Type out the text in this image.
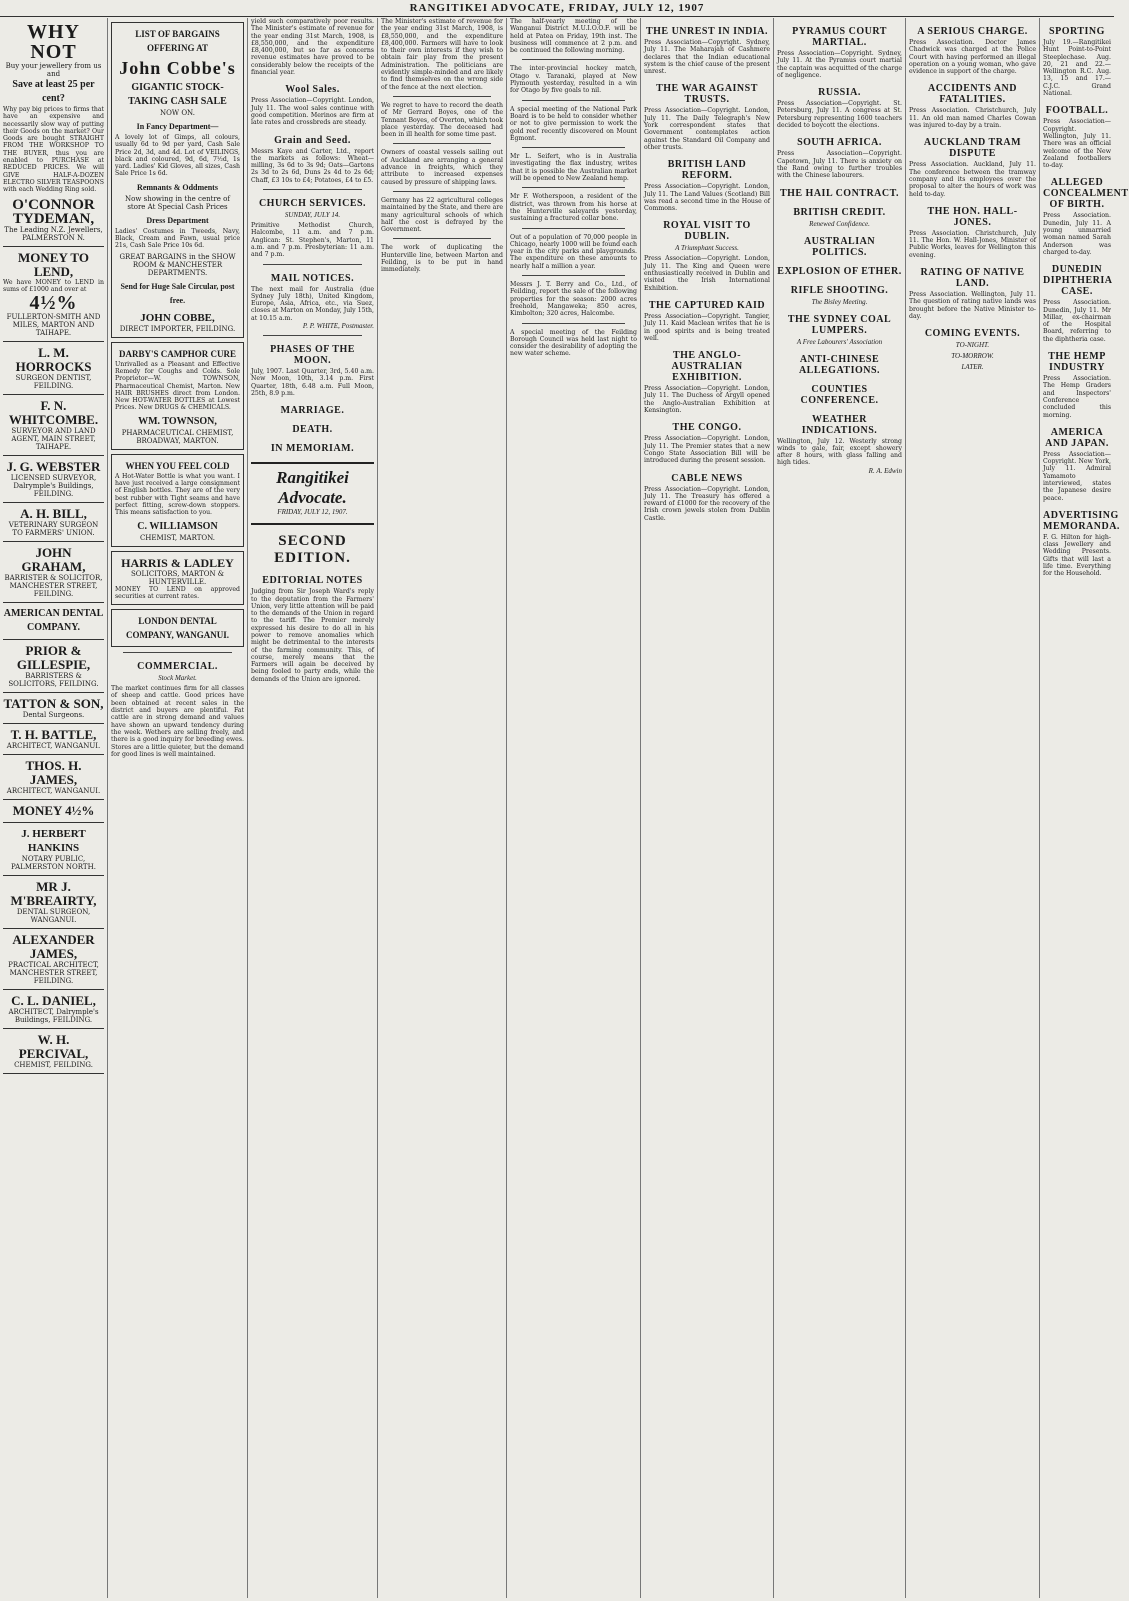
RANGITIKEI ADVOCATE, FRIDAY, JULY 12, 1907
WHY NOT
Buy your jewellery from us and
Save at least 25 per cent?
Why pay big prices to firms that have an expensive and necessarily slow way of putting their Goods on the market? Our Goods are bought STRAIGHT FROM THE WORKSHOP TO THE BUYER, thus you are enabled to PURCHASE at REDUCED PRICES. We will GIVE HALF-A-DOZEN ELECTRO SILVER TEASPOONS with each Wedding Ring sold.
O'CONNOR
TYDEMAN,
The Leading N.Z. Jewellers, PALMERSTON N.
MONEY TO LEND,
We have MONEY to LEND in sums of £1000 and over at
4½%
FULLERTON-SMITH AND MILES, MARTON AND TAIHAPE.
L. M. HORROCKS
SURGEON DENTIST, FEILDING.
F. N. WHITCOMBE.
SURVEYOR AND LAND AGENT, MAIN STREET, TAIHAPE.
J. G. WEBSTER
LICENSED SURVEYOR, Dalrymple's Buildings, FEILDING.
A. H. BILL,
VETERINARY SURGEON TO FARMERS' UNION.
JOHN GRAHAM,
BARRISTER & SOLICITOR, MANCHESTER STREET, FEILDING.
AMERICAN DENTAL COMPANY.
PRIOR & GILLESPIE,
BARRISTERS & SOLICITORS, FEILDING.
TATTON & SON,
Dental Surgeons.
T. H. BATTLE,
ARCHITECT, WANGANUI.
THOS. H. JAMES,
ARCHITECT, WANGANUI.
MONEY 4½%
J. HERBERT HANKINS
NOTARY PUBLIC, PALMERSTON NORTH.
MR J. M'BREAIRTY,
DENTAL SURGEON, WANGANUI.
ALEXANDER JAMES,
PRACTICAL ARCHITECT, MANCHESTER STREET, FEILDING.
C. L. DANIEL,
ARCHITECT, Dalrymple's Buildings, FEILDING.
W. H. PERCIVAL,
CHEMIST, FEILDING.
LIST OF BARGAINS OFFERING AT
John Cobbe's
GIGANTIC STOCK-TAKING CASH SALE
NOW ON.
In Fancy Department—
A lovely lot of Gimps, all colours, usually 6d to 9d per yard, Cash Sale Price 2d, 3d, and 4d. Lot of VEILINGS, black and coloured, 9d, 6d, 7½d, 1s yard. Ladies' Kid Gloves, all sizes, Cash Sale Price 1s 6d.
Remnants & Oddments
Now showing in the centre of store At Special Cash Prices
Dress Department
Ladies' Costumes in Tweeds, Navy, Black, Cream and Fawn, usual price 21s, Cash Sale Price 10s 6d.
GREAT BARGAINS in the SHOW ROOM & MANCHESTER DEPARTMENTS.
Send for Huge Sale Circular, post free.
JOHN COBBE,
DIRECT IMPORTER, FEILDING.
DARBY'S CAMPHOR CURE
Unrivalled as a Pleasant and Effective Remedy for Coughs and Colds. Sole Proprietor—W. TOWNSON, Pharmaceutical Chemist, Marton. New HAIR BRUSHES direct from London. New HOT-WATER BOTTLES at Lowest Prices. New DRUGS & CHEMICALS.
WM. TOWNSON,
PHARMACEUTICAL CHEMIST, BROADWAY, MARTON.
WHEN YOU FEEL COLD
A Hot-Water Bottle is what you want. I have just received a large consignment of English bottles. They are of the very best rubber with Tight seams and have perfect fitting, screw-down stoppers. This means satisfaction to you.
C. WILLIAMSON
CHEMIST, MARTON.
HARRIS & LADLEY
SOLICITORS, MARTON & HUNTERVILLE.
MONEY TO LEND on approved securities at current rates.
LONDON DENTAL COMPANY, WANGANUI.
COMMERCIAL.
Stock Market.
The market continues firm for all classes of sheep and cattle. Good prices have been obtained at recent sales in the district and buyers are plentiful. Fat cattle are in strong demand and values have shown an upward tendency during the week. Wethers are selling freely, and there is a good inquiry for breeding ewes. Stores are a little quieter, but the demand for good lines is well maintained.
yield such comparatively poor results. The Minister's estimate of revenue for the year ending 31st March, 1908, is £8,550,000, and the expenditure £8,400,000, but so far as concerns revenue estimates have proved to be considerably below the receipts of the financial year.
Wool Sales.
Press Association—Copyright. London, July 11. The wool sales continue with good competition. Merinos are firm at late rates and crossbreds are steady.
Grain and Seed.
Messrs Kaye and Carter, Ltd., report the markets as follows: Wheat—milling, 3s 6d to 3s 9d; Oats—Gartons 2s 3d to 2s 6d, Duns 2s 4d to 2s 6d; Chaff, £3 10s to £4; Potatoes, £4 to £5.
CHURCH SERVICES.
SUNDAY, JULY 14.
Primitive Methodist Church, Halcombe, 11 a.m. and 7 p.m. Anglican: St. Stephen's, Marton, 11 a.m. and 7 p.m. Presbyterian: 11 a.m. and 7 p.m.
MAIL NOTICES.
The next mail for Australia (due Sydney July 18th), United Kingdom, Europe, Asia, Africa, etc., via Suez, closes at Marton on Monday, July 15th, at 10.15 a.m.
P. P. WHITE, Postmaster.
PHASES OF THE MOON.
July, 1907. Last Quarter, 3rd, 5.40 a.m. New Moon, 10th, 3.14 p.m. First Quarter, 18th, 6.48 a.m. Full Moon, 25th, 8.9 p.m.
MARRIAGE.
DEATH.
IN MEMORIAM.
Rangitikei Advocate.
FRIDAY, JULY 12, 1907.
SECOND EDITION.
EDITORIAL NOTES
Judging from Sir Joseph Ward's reply to the deputation from the Farmers' Union, very little attention will be paid to the demands of the Union in regard to the tariff. The Premier merely expressed his desire to do all in his power to remove anomalies which might be detrimental to the interests of the farming community. This, of course, merely means that the Farmers will again be deceived by being fooled to party ends, while the demands of the Union are ignored.
The Minister's estimate of revenue for the year ending 31st March, 1908, is £8,550,000, and the expenditure £8,400,000. Farmers will have to look to their own interests if they wish to obtain fair play from the present Administration. The politicians are evidently simple-minded and are likely to find themselves on the wrong side of the fence at the next election.
We regret to have to record the death of Mr Gerrard Boyes, one of the Tennant Boyes, of Overton, which took place yesterday. The deceased had been in ill health for some time past.
Owners of coastal vessels sailing out of Auckland are arranging a general advance in freights, which they attribute to increased expenses caused by pressure of shipping laws.
Germany has 22 agricultural colleges maintained by the State, and there are many agricultural schools of which half the cost is defrayed by the Government.
The work of duplicating the Hunterville line, between Marton and Feilding, is to be put in hand immediately.
The half-yearly meeting of the Wanganui District M.U.I.O.O.F. will be held at Patea on Friday, 19th inst. The business will commence at 2 p.m. and be continued the following morning.
The inter-provincial hockey match, Otago v. Taranaki, played at New Plymouth yesterday, resulted in a win for Otago by five goals to nil.
A special meeting of the National Park Board is to be held to consider whether or not to give permission to work the gold reef recently discovered on Mount Egmont.
Mr L. Seifert, who is in Australia investigating the flax industry, writes that it is possible the Australian market will be opened to New Zealand hemp.
Mr F. Wotherspoon, a resident of the district, was thrown from his horse at the Hunterville saleyards yesterday, sustaining a fractured collar bone.
Out of a population of 70,000 people in Chicago, nearly 1000 will be found each year in the city parks and playgrounds. The expenditure on these amounts to nearly half a million a year.
Messrs J. T. Berry and Co., Ltd., of Feilding, report the sale of the following properties for the season: 2000 acres freehold, Mangaweka; 850 acres, Kimbolton; 320 acres, Halcombe.
A special meeting of the Feilding Borough Council was held last night to consider the desirability of adopting the new water scheme.
THE UNREST IN INDIA.
Press Association—Copyright. Sydney, July 11. The Maharajah of Cashmere declares that the Indian educational system is the chief cause of the present unrest.
THE WAR AGAINST TRUSTS.
Press Association—Copyright. London, July 11. The Daily Telegraph's New York correspondent states that Government contemplates action against the Standard Oil Company and other trusts.
BRITISH LAND REFORM.
Press Association—Copyright. London, July 11. The Land Values (Scotland) Bill was read a second time in the House of Commons.
ROYAL VISIT TO DUBLIN.
A Triumphant Success.
Press Association—Copyright. London, July 11. The King and Queen were enthusiastically received in Dublin and visited the Irish International Exhibition.
THE CAPTURED KAID
Press Association—Copyright. Tangier, July 11. Kaid Maclean writes that he is in good spirits and is being treated well.
THE ANGLO-AUSTRALIAN EXHIBITION.
Press Association—Copyright. London, July 11. The Duchess of Argyll opened the Anglo-Australian Exhibition at Kensington.
THE CONGO.
Press Association—Copyright. London, July 11. The Premier states that a new Congo State Association Bill will be introduced during the present session.
CABLE NEWS
Press Association—Copyright. London, July 11. The Treasury has offered a reward of £1000 for the recovery of the Irish crown jewels stolen from Dublin Castle.
PYRAMUS COURT MARTIAL.
Press Association—Copyright. Sydney, July 11. At the Pyramus court martial the captain was acquitted of the charge of negligence.
RUSSIA.
Press Association—Copyright. St. Petersburg, July 11. A congress at St. Petersburg representing 1600 teachers decided to boycott the elections.
SOUTH AFRICA.
Press Association—Copyright. Capetown, July 11. There is anxiety on the Rand owing to further troubles with the Chinese labourers.
THE HAIL CONTRACT.
BRITISH CREDIT.
Renewed Confidence.
AUSTRALIAN POLITICS.
EXPLOSION OF ETHER.
RIFLE SHOOTING.
The Bisley Meeting.
THE SYDNEY COAL LUMPERS.
A Free Labourers' Association
ANTI-CHINESE ALLEGATIONS.
COUNTIES CONFERENCE.
WEATHER INDICATIONS.
Wellington, July 12. Westerly strong winds to gale, fair, except showery after 8 hours, with glass falling and high tides.
R. A. Edwin
A SERIOUS CHARGE.
Press Association. Doctor James Chadwick was charged at the Police Court with having performed an illegal operation on a young woman, who gave evidence in support of the charge.
ACCIDENTS AND FATALITIES.
Press Association. Christchurch, July 11. An old man named Charles Cowan was injured to-day by a train.
AUCKLAND TRAM DISPUTE
Press Association. Auckland, July 11. The conference between the tramway company and its employees over the proposal to alter the hours of work was held to-day.
THE HON. HALL-JONES.
Press Association. Christchurch, July 11. The Hon. W. Hall-Jones, Minister of Public Works, leaves for Wellington this evening.
RATING OF NATIVE LAND.
Press Association. Wellington, July 11. The question of rating native lands was brought before the Native Minister to-day.
COMING EVENTS.
TO-NIGHT.
TO-MORROW.
LATER.
SPORTING
July 19.—Rangitikei Hunt Point-to-Point Steeplechase. Aug. 20, 21 and 22.—Wellington R.C. Aug. 13, 15 and 17.—C.J.C. Grand National.
FOOTBALL.
Press Association—Copyright. Wellington, July 11. There was an official welcome of the New Zealand footballers to-day.
ALLEGED CONCEALMENT OF BIRTH.
Press Association. Dunedin, July 11. A young unmarried woman named Sarah Anderson was charged to-day.
DUNEDIN DIPHTHERIA CASE.
Press Association. Dunedin, July 11. Mr Millar, ex-chairman of the Hospital Board, referring to the diphtheria case.
THE HEMP INDUSTRY
Press Association. The Hemp Graders and Inspectors' Conference concluded this morning.
AMERICA AND JAPAN.
Press Association—Copyright. New York, July 11. Admiral Yamamoto interviewed, states the Japanese desire peace.
ADVERTISING MEMORANDA.
F. G. Hilton for high-class Jewellery and Wedding Presents. Gifts that will last a life time. Everything for the Household.
